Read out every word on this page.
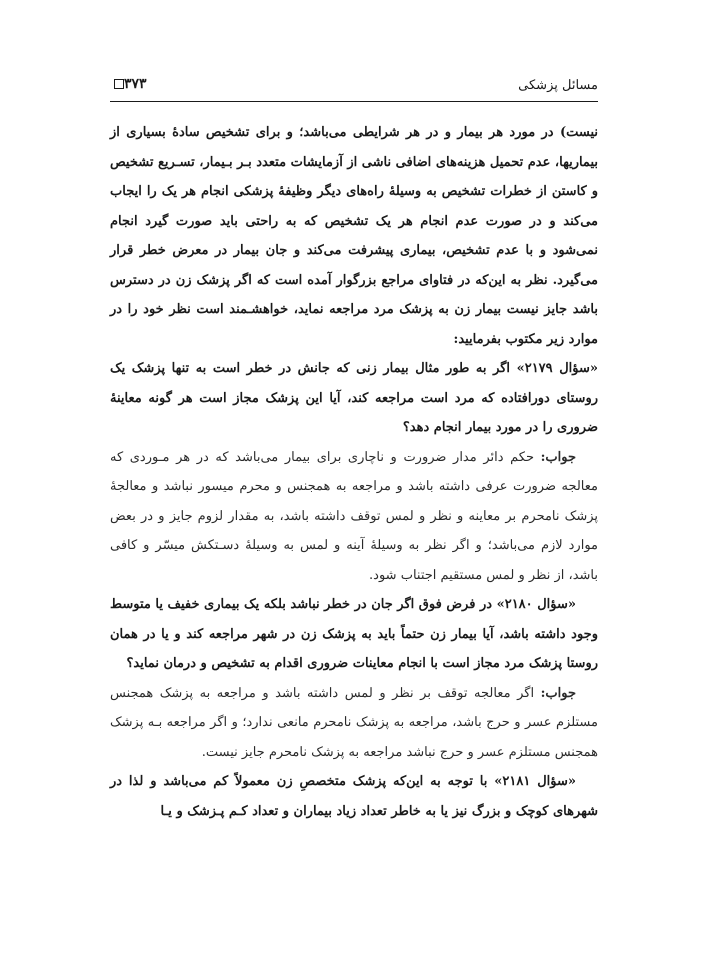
مسائل پزشکی
۳۷۳

نیست) در مورد هر بیمار و در هر شرایطی می‌باشد؛ و برای تشخیص سادهٔ بسیاری از بیماریها، عدم تحمیل هزینه‌های اضافی ناشی از آزمایشات متعدد بـر بـیمار، تسـریع تشخیص و کاستن از خطرات تشخیص به وسیلهٔ راه‌های دیگر وظیفهٔ پزشکی انجام هر یک را ایجاب می‌کند و در صورت عدم انجام هر یک تشخیص که به راحتی باید صورت گیرد انجام نمی‌شود و با عدم تشخیص، بیماری پیشرفت می‌کند و جان بیمار در معرض خطر قرار می‌گیرد. نظر به این‌که در فتاوای مراجع بزرگوار آمده است که اگر پزشک زن در دسترس باشد جایز نیست بیمار زن به پزشک مرد مراجعه نماید، خواهشـمند است نظر خود را در موارد زیر مکتوب بفرمایید:

«سؤال ۲۱۷۹» اگر به طور مثال بیمار زنی که جانش در خطر است به تنها پزشک یک روستای دورافتاده که مرد است مراجعه کند، آیا این پزشک مجاز است هر گونه معاینهٔ ضروری را در مورد بیمار انجام دهد؟

جواب: حکم دائر مدار ضرورت و ناچاری برای بیمار می‌باشد که در هر مـوردی که معالجه ضرورت عرفی داشته باشد و مراجعه به همجنس و محرم میسور نباشد و معالجهٔ پزشک نامحرم بر معاینه و نظر و لمس توقف داشته باشد، به مقدار لزوم جایز و در بعض موارد لازم می‌باشد؛ و اگر نظر به وسیلهٔ آینه و لمس به وسیلهٔ دسـتکش میسّر و کافی باشد، از نظر و لمس مستقیم اجتناب شود.

«سؤال ۲۱۸۰» در فرض فوق اگر جان در خطر نباشد بلکه یک بیماری خفیف یا متوسط وجود داشته باشد، آیا بیمار زن حتماً باید به پزشک زن در شهر مراجعه کند و یا در همان روستا پزشک مرد مجاز است با انجام معاینات ضروری اقدام به تشخیص و درمان نماید؟

جواب: اگر معالجه توقف بر نظر و لمس داشته باشد و مراجعه به پزشک همجنس مستلزم عسر و حرج باشد، مراجعه به پزشک نامحرم مانعی ندارد؛ و اگر مراجعه بـه پزشک همجنس مستلزم عسر و حرج نباشد مراجعه به پزشک نامحرم جایز نیست.

«سؤال ۲۱۸۱» با توجه به این‌که پزشک متخصصِ زن معمولاً کم می‌باشد و لذا در شهرهای کوچک و بزرگ نیز یا به خاطر تعداد زیاد بیماران و تعداد کـم پـزشک و یـا
